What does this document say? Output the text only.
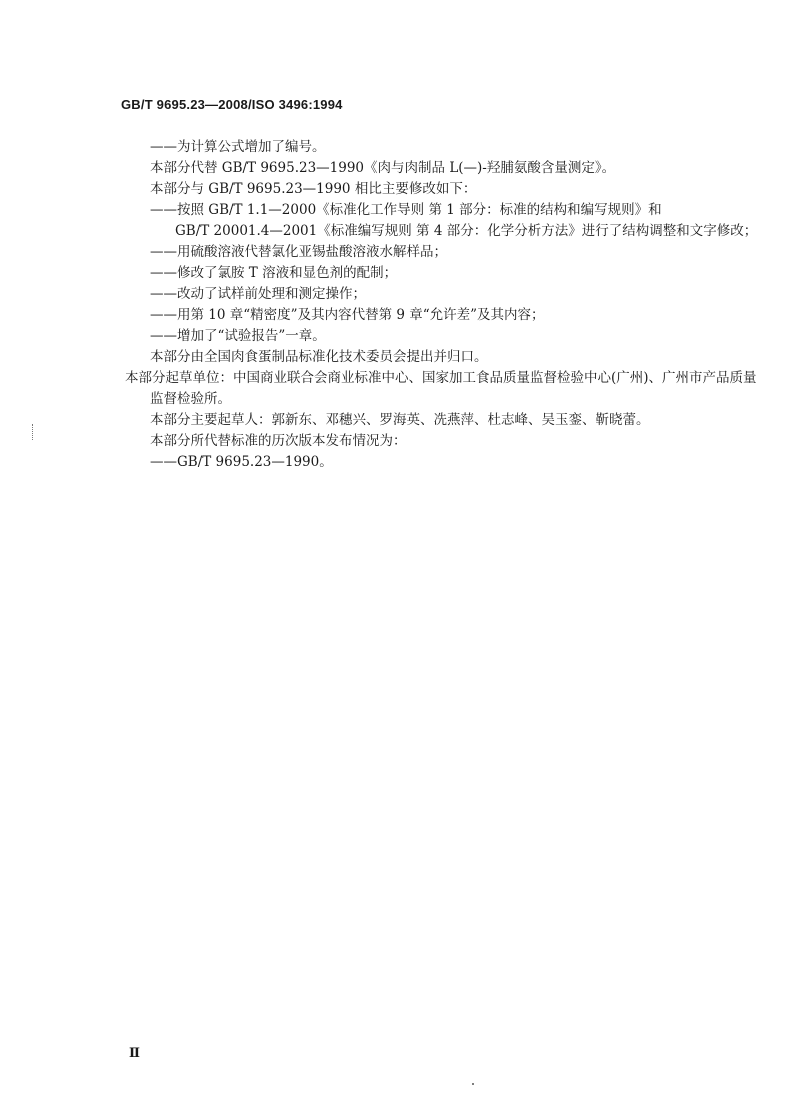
GB/T 9695.23—2008/ISO 3496:1994

——为计算公式增加了编号。

本部分代替 GB/T 9695.23—1990《肉与肉制品 L(—)-羟脯氨酸含量测定》。

本部分与 GB/T 9695.23—1990 相比主要修改如下：

——按照 GB/T 1.1—2000《标准化工作导则 第 1 部分：标准的结构和编写规则》和

GB/T 20001.4—2001《标准编写规则 第 4 部分：化学分析方法》进行了结构调整和文字修改；

——用硫酸溶液代替氯化亚锡盐酸溶液水解样品；

——修改了氯胺 T 溶液和显色剂的配制；

——改动了试样前处理和测定操作；

——用第 10 章“精密度”及其内容代替第 9 章“允许差”及其内容；

——增加了“试验报告”一章。

本部分由全国肉食蛋制品标准化技术委员会提出并归口。

本部分起草单位：中国商业联合会商业标准中心、国家加工食品质量监督检验中心(广州)、广州市产品质量监督检验所。

本部分主要起草人：郭新东、邓穗兴、罗海英、冼燕萍、杜志峰、吴玉銮、靳晓蕾。

本部分所代替标准的历次版本发布情况为：

——GB/T 9695.23—1990。

Ⅱ
